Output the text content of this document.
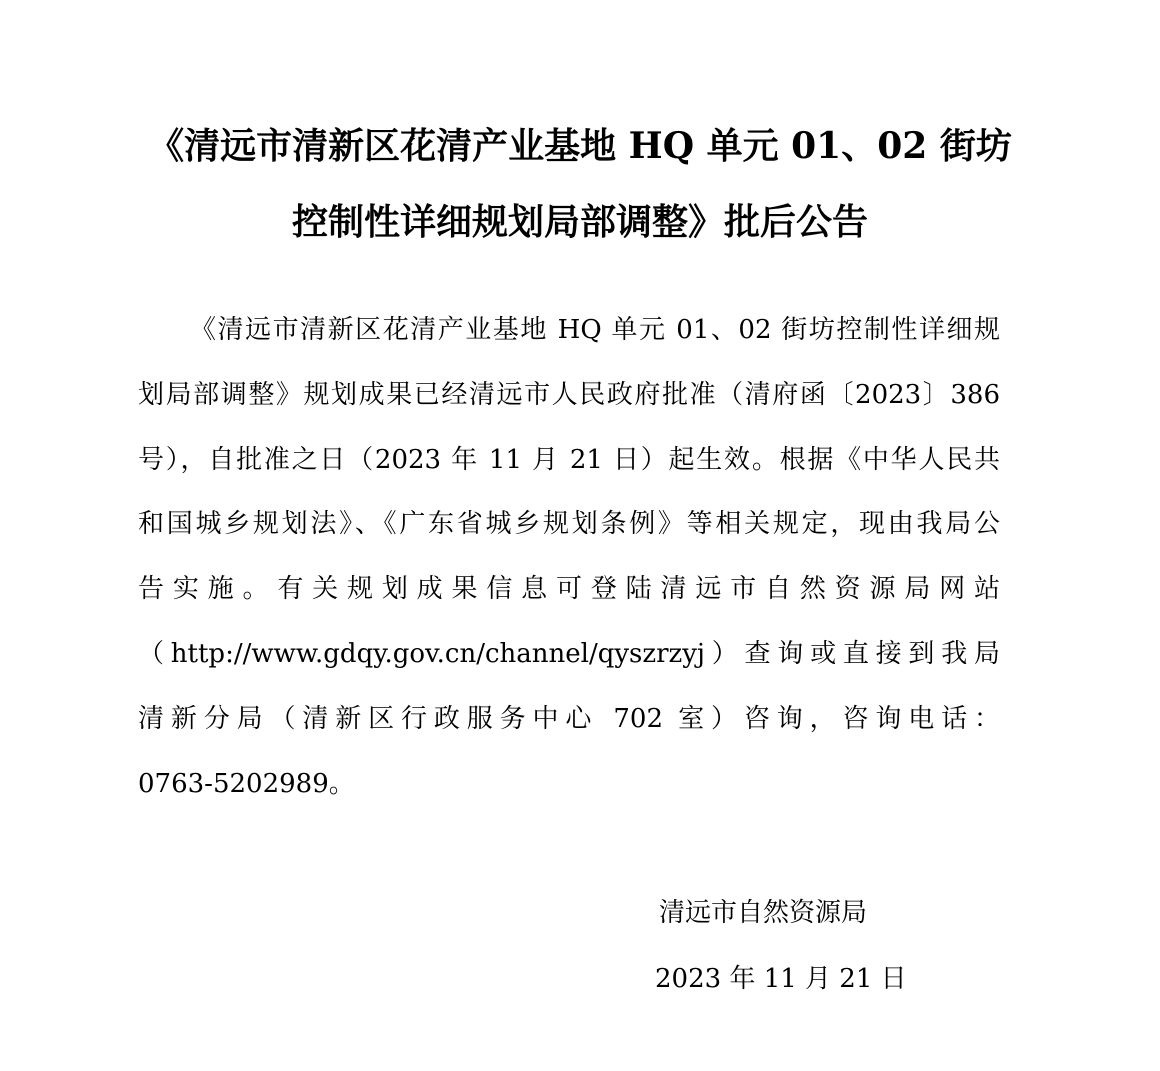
《清远市清新区花清产业基地 HQ 单元 01、02 街坊
控制性详细规划局部调整》批后公告
《清远市清新区花清产业基地 HQ 单元 01、02 街坊控制性详细规
划局部调整》规划成果已经清远市人民政府批准（清府函〔2023〕386
号），自批准之日（2023 年 11 月 21 日）起生效。根据《中华人民共
和国城乡规划法》、《广东省城乡规划条例》等相关规定，现由我局公
告实施。有关规划成果信息可登陆清远市自然资源局网站
（http://www.gdqy.gov.cn/channel/qyszrzyj）查询或直接到我局
清新分局（清新区行政服务中心 702 室）咨询，咨询电话：
0763-5202989。
清远市自然资源局
2023 年 11 月 21 日
